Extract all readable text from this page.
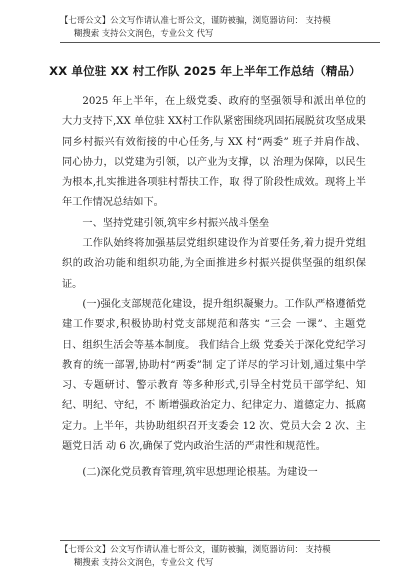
【七哥公文】公文写作请认准七哥公文，谨防被骗，浏览器访问： 支持模
糊搜索 支持公文润色，专业公文 代写
XX 单位驻 XX 村工作队 2025 年上半年工作总结（精品）

2025 年上半年，在上级党委、政府的坚强领导和派出单位的大力支持下,XX 单位驻 XX村工作队紧密围绕巩固拓展脱贫攻坚成果同乡村振兴有效衔接的中心任务,与 XX 村“两委” 班子并肩作战、 同心协力，以党建为引领，以产业为支撑，以 治理为保障，以民生为根本,扎实推进各项驻村帮扶工作，取 得了阶段性成效。现将上半年工作情况总结如下。

一、坚持党建引领,筑牢乡村振兴战斗堡垒

工作队始终将加强基层党组织建设作为首要任务,着力提升党组织的政治功能和组织功能,为全面推进乡村振兴提供坚强的组织保证。

(一)强化支部规范化建设，提升组织凝聚力。工作队严格遵循党建工作要求,积极协助村党支部规范和落实 “三会 一课”、主题党日、组织生活会等基本制度。 我们结合上级 党委关于深化党纪学习教育的统一部署,协助村“两委”制 定了详尽的学习计划,通过集中学习、专题研讨、警示教育 等多种形式,引导全村党员干部学纪、知纪、明纪、守纪，不 断增强政治定力、纪律定力、道德定力、抵腐定力。上半年，共协助组织召开支委会 12 次、党员大会 2 次、主题党日活 动 6 次,确保了党内政治生活的严肃性和规范性。

(二)深化党员教育管理,筑牢思想理论根基。为建设一

【七哥公文】公文写作请认准七哥公文，谨防被骗，浏览器访问： 支持模
糊搜索 支持公文润色，专业公文 代写
